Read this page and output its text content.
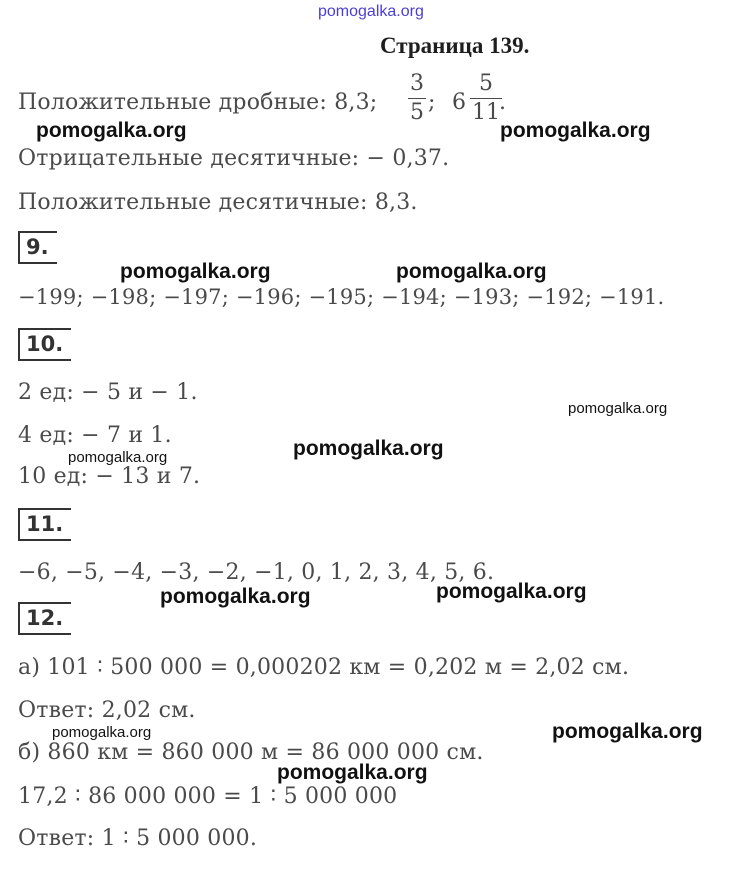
pomogalka.org
Страница 139.
Положительные дробные: 8,3;
3
5 ; 6
5
11 .
pomogalka.org	pomogalka.org
Отрицательные десятичные: − 0,37.
Положительные десятичные: 8,3.
9.
pomogalka.org	pomogalka.org
−199; −198; −197; −196; −195; −194; −193; −192; −191.
10.
2 ед: − 5 и − 1.
pomogalka.org
4 ед: − 7 и 1.
pomogalka.org
pomogalka.org
10 ед: − 13 и 7.
11.
−6, −5, −4, −3, −2, −1, 0, 1, 2, 3, 4, 5, 6.
pomogalka.org
pomogalka.org
12.
а) 101 ∶ 500 000 = 0,000202 км = 0,202 м = 2,02 см.
Ответ: 2,02 см.
pomogalka.org
pomogalka.org
б) 860 км = 860 000 м = 86 000 000 см.
pomogalka.org
17,2 ∶ 86 000 000 = 1 ∶ 5 000 000
Ответ: 1 ∶ 5 000 000.
